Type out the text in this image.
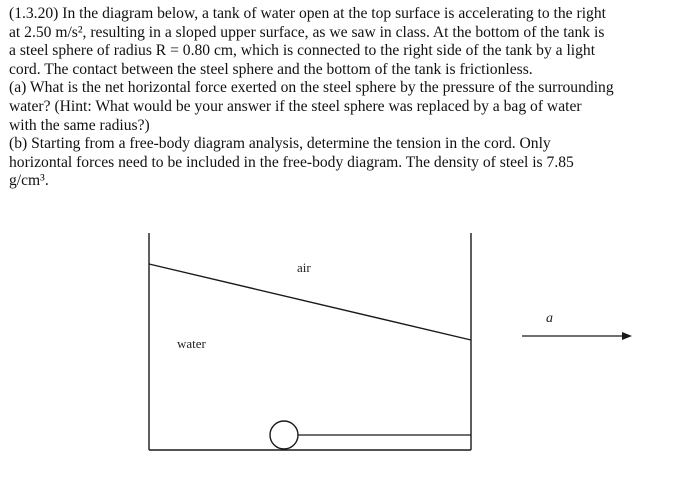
(1.3.20) In the diagram below, a tank of water open at the top surface is accelerating to the right
at 2.50 m/s², resulting in a sloped upper surface, as we saw in class. At the bottom of the tank is
a steel sphere of radius R = 0.80 cm, which is connected to the right side of the tank by a light
cord. The contact between the steel sphere and the bottom of the tank is frictionless.
(a) What is the net horizontal force exerted on the steel sphere by the pressure of the surrounding
water? (Hint: What would be your answer if the steel sphere was replaced by a bag of water
with the same radius?)
(b) Starting from a free-body diagram analysis, determine the tension in the cord. Only
horizontal forces need to be included in the free-body diagram. The density of steel is 7.85
g/cm³.
air
water
a⃗
